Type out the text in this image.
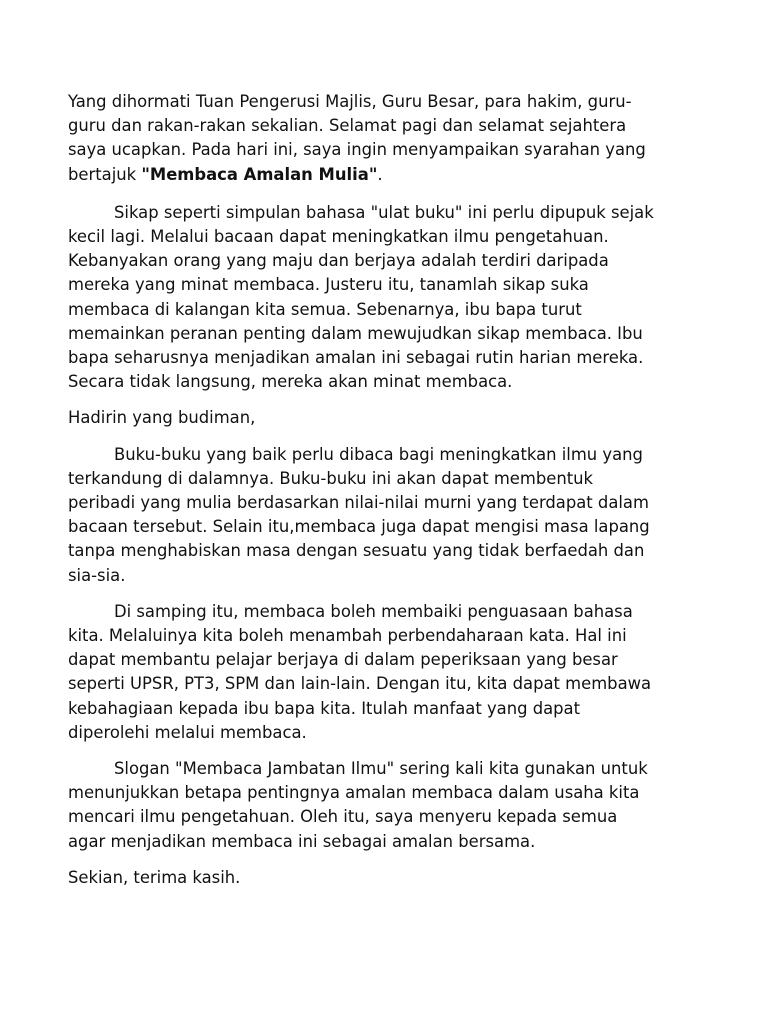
Yang dihormati Tuan Pengerusi Majlis, Guru Besar, para hakim, guru-
guru dan rakan-rakan sekalian. Selamat pagi dan selamat sejahtera
saya ucapkan. Pada hari ini, saya ingin menyampaikan syarahan yang
bertajuk "Membaca Amalan Mulia".

Sikap seperti simpulan bahasa "ulat buku" ini perlu dipupuk sejak
kecil lagi. Melalui bacaan dapat meningkatkan ilmu pengetahuan.
Kebanyakan orang yang maju dan berjaya adalah terdiri daripada
mereka yang minat membaca. Justeru itu, tanamlah sikap suka
membaca di kalangan kita semua. Sebenarnya, ibu bapa turut
memainkan peranan penting dalam mewujudkan sikap membaca. Ibu
bapa seharusnya menjadikan amalan ini sebagai rutin harian mereka.
Secara tidak langsung, mereka akan minat membaca.

Hadirin yang budiman,

Buku-buku yang baik perlu dibaca bagi meningkatkan ilmu yang
terkandung di dalamnya. Buku-buku ini akan dapat membentuk
peribadi yang mulia berdasarkan nilai-nilai murni yang terdapat dalam
bacaan tersebut. Selain itu,membaca juga dapat mengisi masa lapang
tanpa menghabiskan masa dengan sesuatu yang tidak berfaedah dan
sia-sia.

Di samping itu, membaca boleh membaiki penguasaan bahasa
kita. Melaluinya kita boleh menambah perbendaharaan kata. Hal ini
dapat membantu pelajar berjaya di dalam peperiksaan yang besar
seperti UPSR, PT3, SPM dan lain-lain. Dengan itu, kita dapat membawa
kebahagiaan kepada ibu bapa kita. Itulah manfaat yang dapat
diperolehi melalui membaca.

Slogan "Membaca Jambatan Ilmu" sering kali kita gunakan untuk
menunjukkan betapa pentingnya amalan membaca dalam usaha kita
mencari ilmu pengetahuan. Oleh itu, saya menyeru kepada semua
agar menjadikan membaca ini sebagai amalan bersama.

Sekian, terima kasih.
